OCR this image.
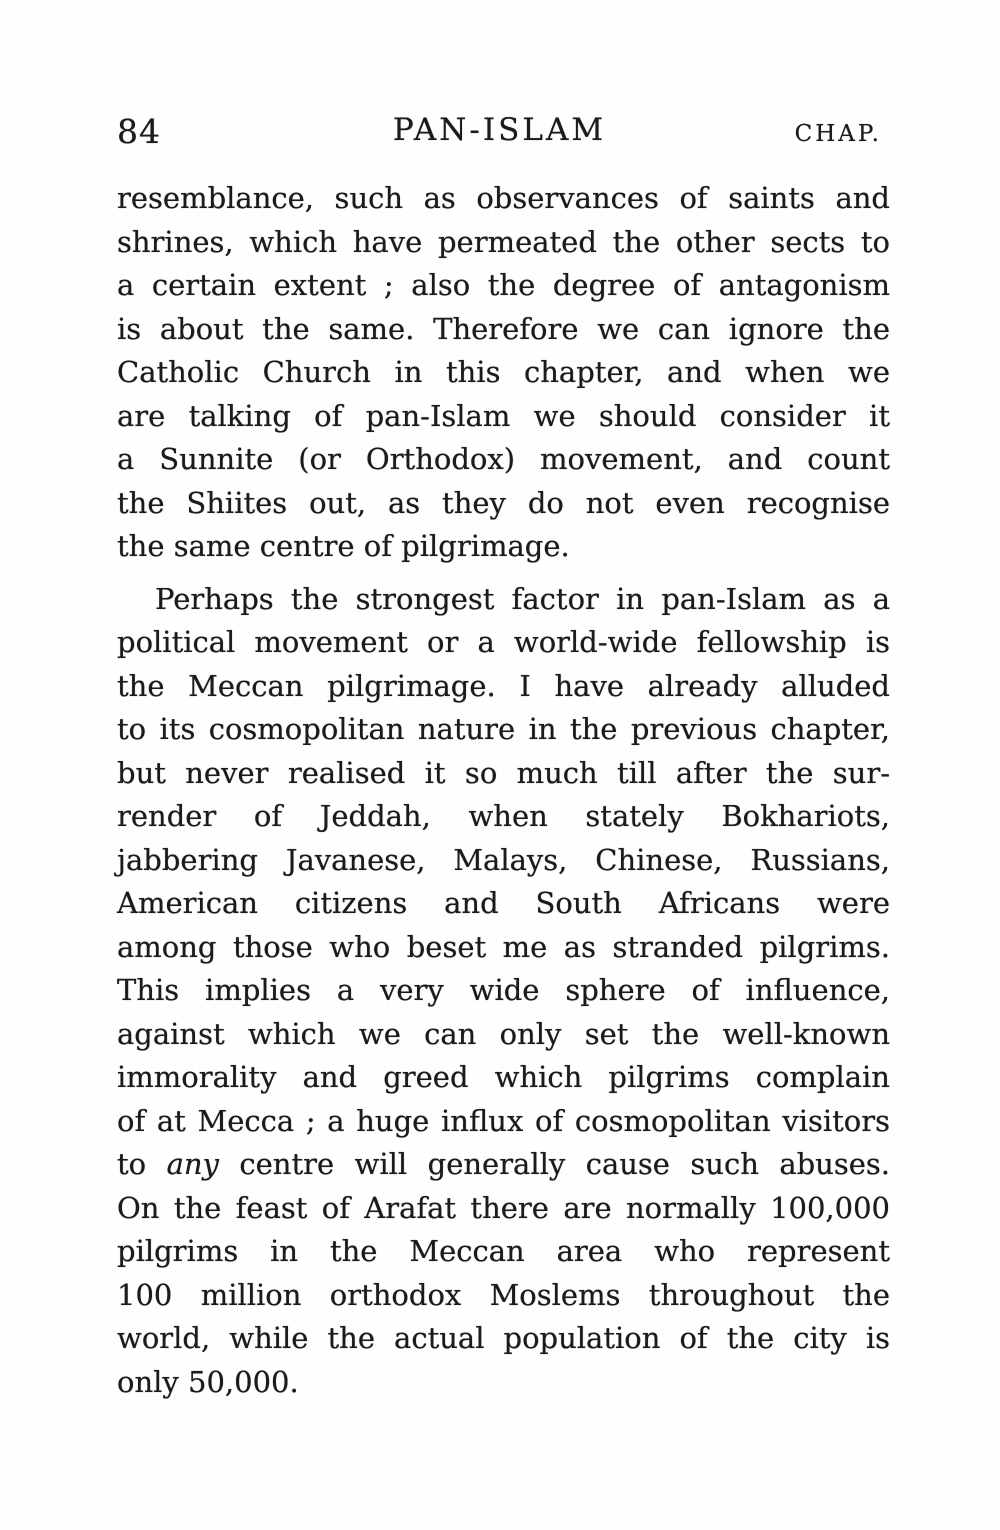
84	PAN-ISLAM	CHAP.

resemblance, such as observances of saints and
shrines, which have permeated the other sects to
a certain extent ; also the degree of antagonism
is about the same. Therefore we can ignore the
Catholic Church in this chapter, and when we
are talking of pan-Islam we should consider it
a Sunnite (or Orthodox) movement, and count
the Shiites out, as they do not even recognise
the same centre of pilgrimage.

Perhaps the strongest factor in pan-Islam as a
political movement or a world-wide fellowship is
the Meccan pilgrimage. I have already alluded
to its cosmopolitan nature in the previous chapter,
but never realised it so much till after the sur-
render of Jeddah, when stately Bokhariots,
jabbering Javanese, Malays, Chinese, Russians,
American citizens and South Africans were
among those who beset me as stranded pilgrims.
This implies a very wide sphere of influence,
against which we can only set the well-known
immorality and greed which pilgrims complain
of at Mecca ; a huge influx of cosmopolitan visitors
to any centre will generally cause such abuses.
On the feast of Arafat there are normally 100,000
pilgrims in the Meccan area who represent
100 million orthodox Moslems throughout the
world, while the actual population of the city is
only 50,000.
